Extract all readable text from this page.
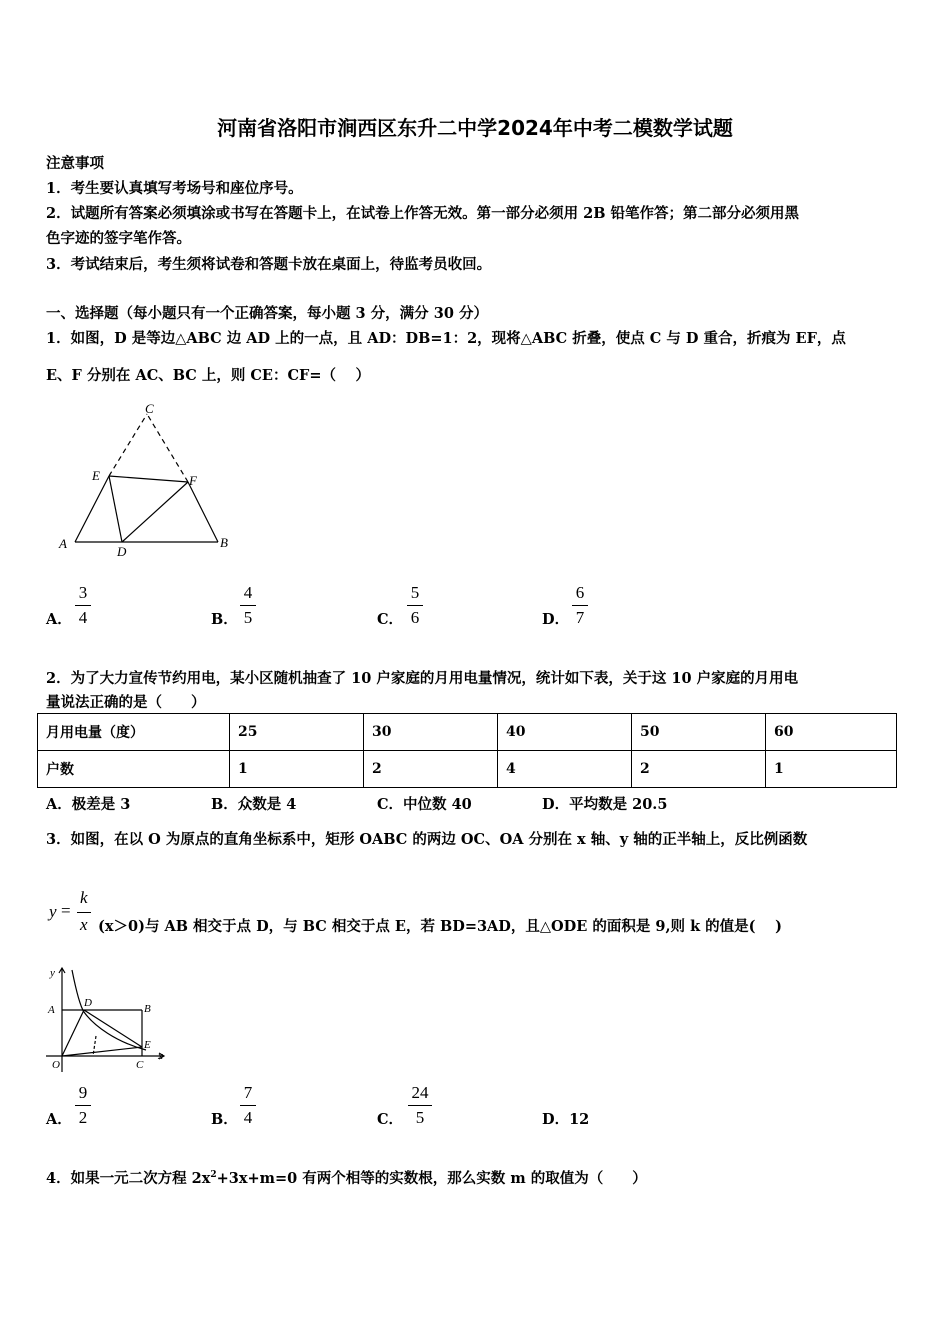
河南省洛阳市涧西区东升二中学2024年中考二模数学试题
注意事项
1．考生要认真填写考场号和座位序号。
2．试题所有答案必须填涂或书写在答题卡上，在试卷上作答无效。第一部分必须用 2B 铅笔作答；第二部分必须用黑
色字迹的签字笔作答。
3．考试结束后，考生须将试卷和答题卡放在桌面上，待监考员收回。
一、选择题（每小题只有一个正确答案，每小题 3 分，满分 30 分）
1．如图，D 是等边△ABC 边 AD 上的一点，且 AD：DB=1：2，现将△ABC 折叠，使点 C 与 D 重合，折痕为 EF，点
E、F 分别在 AC、BC 上，则 CE：CF=（　 ）
C
E	F
A
D
B
A．
3
4	B．
4
5	C．
5
6	D．
6
7
2．为了大力宣传节约用电，某小区随机抽查了 10 户家庭的月用电量情况，统计如下表，关于这 10 户家庭的月用电
量说法正确的是（　　）
月用电量（度）	25	30	40	50	60
户数	1	2	4	2	1
A．极差是 3	B．众数是 4	C．中位数 40	D．平均数是 20.5
3．如图，在以 O 为原点的直角坐标系中，矩形 OABC 的两边 OC、OA 分别在 x 轴、y 轴的正半轴上，反比例函数
y =
k
x (x＞0)与 AB 相交于点 D，与 BC 相交于点 E，若 BD=3AD，且△ODE 的面积是 9,则 k 的值是(　 )
y
x
A
D	B
O	C
E
A．
9
2	B．
7
4	C．
24
5	D．12
4．如果一元二次方程 $2x^2+3x+m=0$ 有两个相等的实数根，那么实数 m 的取值为（　　）
